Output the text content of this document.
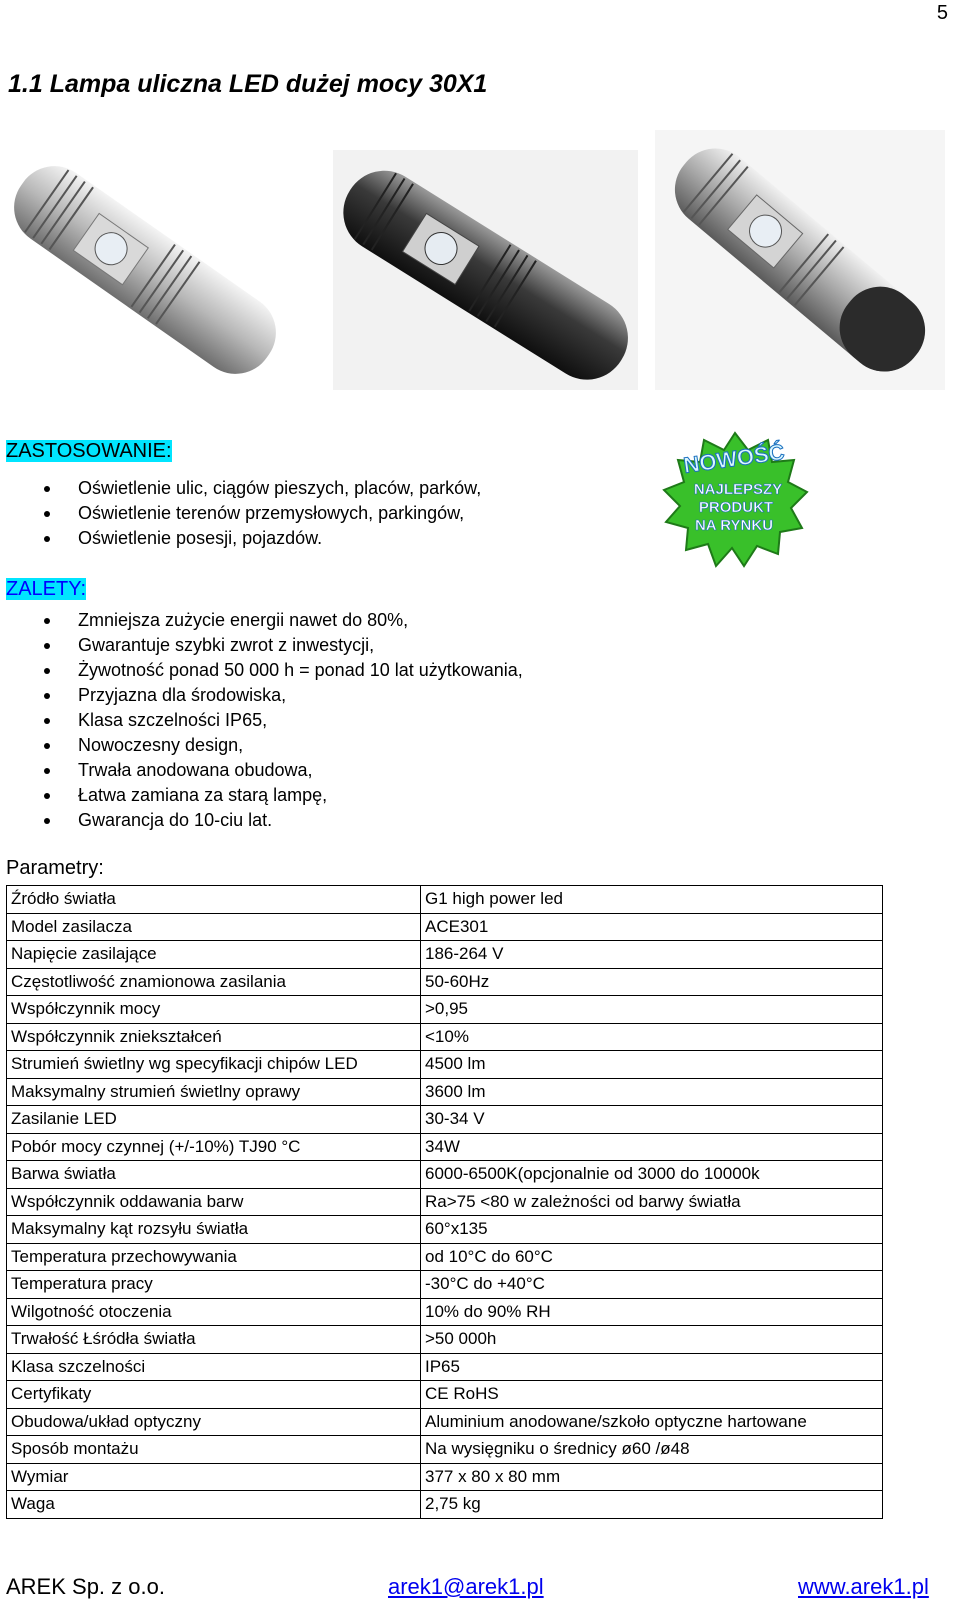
5
1.1 Lampa uliczna LED dużej mocy 30X1
NOWOŚĆ
NAJLEPSZY
PRODUKT
NA RYNKU
ZASTOSOWANIE:
Oświetlenie ulic, ciągów pieszych, placów, parków,
Oświetlenie terenów przemysłowych, parkingów,
Oświetlenie posesji, pojazdów.
ZALETY:
Zmniejsza zużycie energii nawet do 80%,
Gwarantuje szybki zwrot z inwestycji,
Żywotność ponad 50 000 h = ponad 10 lat użytkowania,
Przyjazna dla środowiska,
Klasa szczelności IP65,
Nowoczesny design,
Trwała anodowana obudowa,
Łatwa zamiana za starą lampę,
Gwarancja do 10-ciu lat.
Parametry:
Źródło światła	G1 high power led
Model zasilacza	ACE301
Napięcie zasilające	186-264 V
Częstotliwość znamionowa zasilania	50-60Hz
Współczynnik mocy	>0,95
Współczynnik zniekształceń	<10%
Strumień świetlny wg specyfikacji chipów LED	4500 lm
Maksymalny strumień świetlny oprawy	3600 lm
Zasilanie LED	30-34 V
Pobór mocy czynnej (+/-10%) TJ90 °C	34W
Barwa światła	6000-6500K(opcjonalnie od 3000 do 10000k
Współczynnik oddawania barw	Ra>75 <80 w zależności od barwy światła
Maksymalny kąt rozsyłu światła	60°x135
Temperatura przechowywania	od 10°C do 60°C
Temperatura pracy	-30°C do +40°C
Wilgotność otoczenia	10% do 90% RH
Trwałość Łśródła światła	>50 000h
Klasa szczelności	IP65
Certyfikaty	CE RoHS
Obudowa/układ optyczny	Aluminium anodowane/szkoło optyczne hartowane
Sposób montażu	Na wysięgniku o średnicy ø60 /ø48
Wymiar	377 x 80 x 80 mm
Waga	2,75 kg
AREK Sp. z o.o.	arek1@arek1.pl	www.arek1.pl
